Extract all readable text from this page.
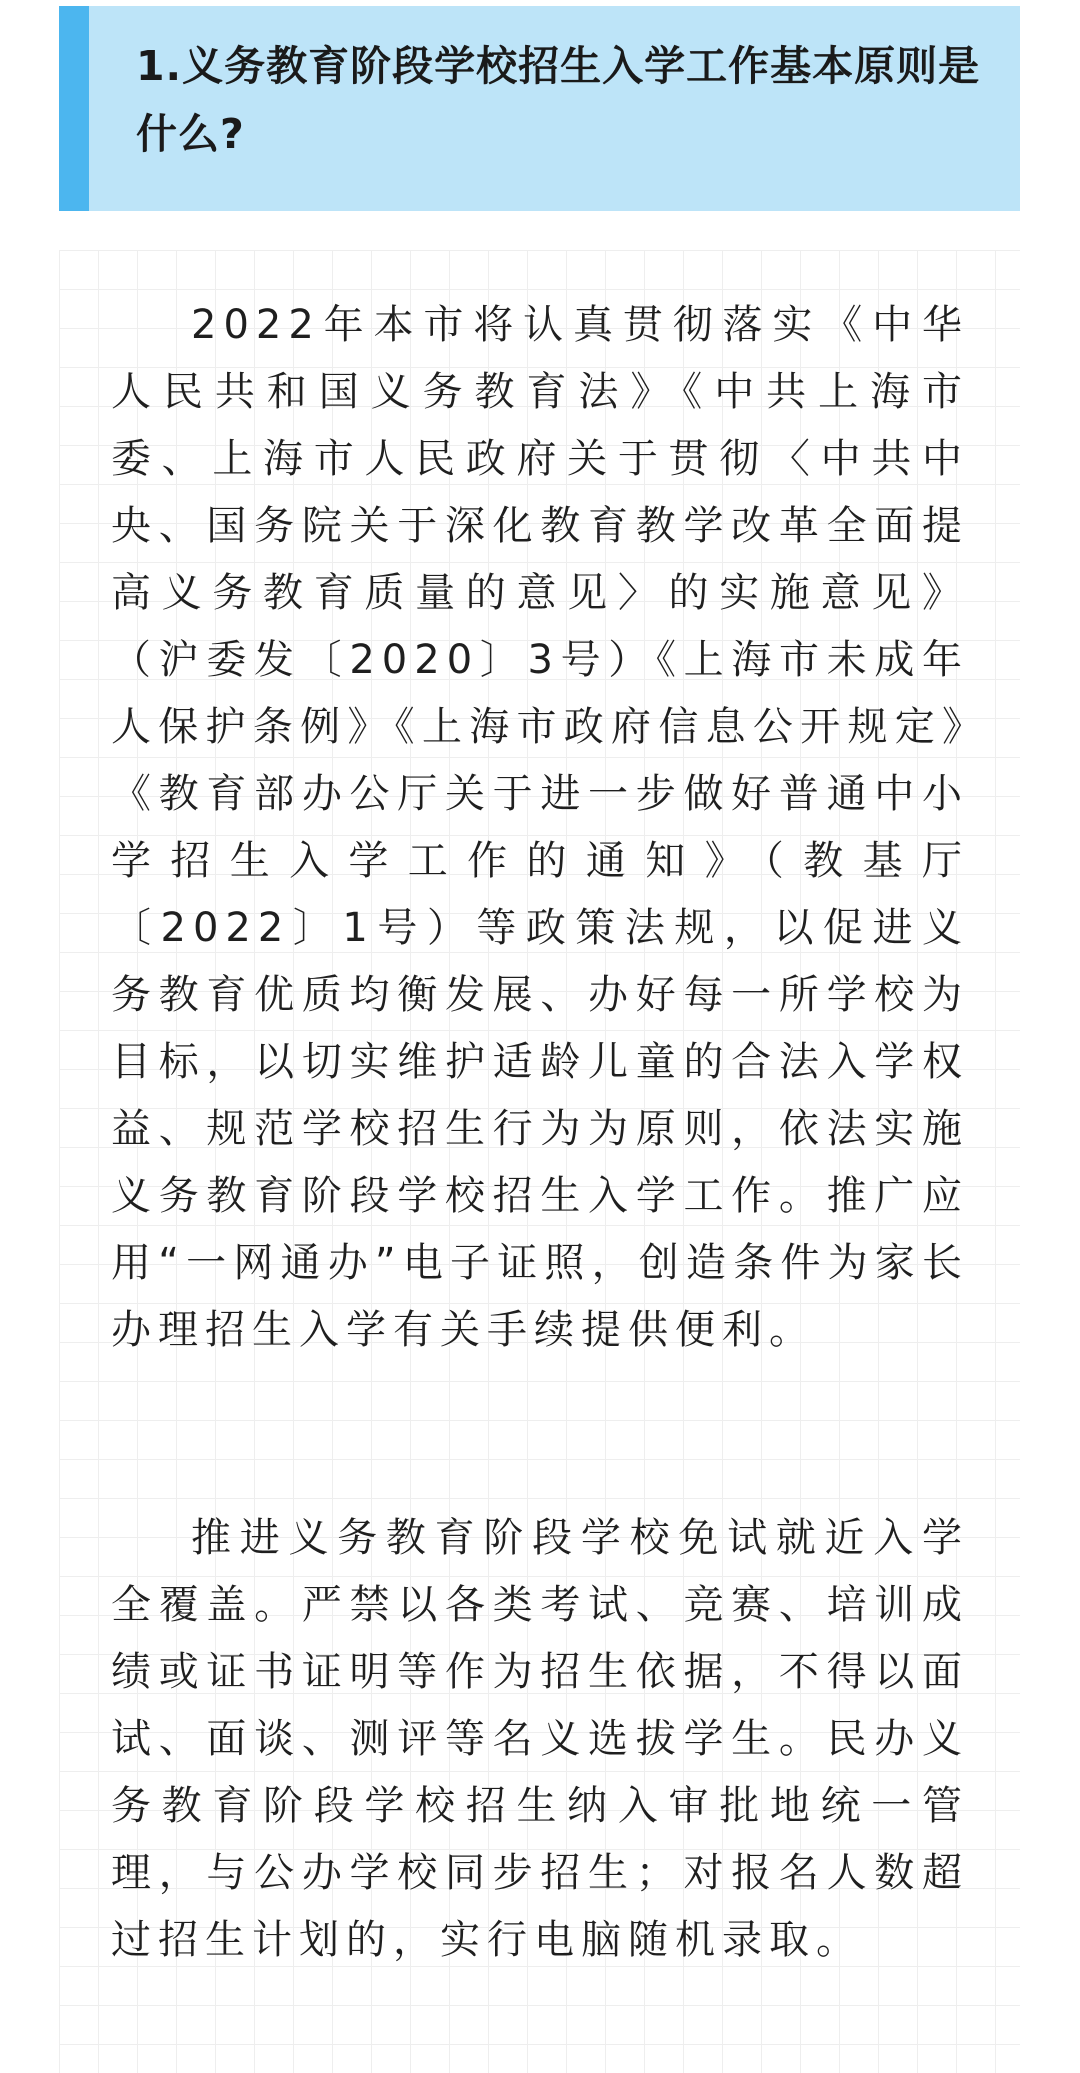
1.义务教育阶段学校招生入学工作基本原则是什么?

2022年本市将认真贯彻落实《中华人民共和国义务教育法》《中共上海市委、上海市人民政府关于贯彻〈中共中央、国务院关于深化教育教学改革全面提高义务教育质量的意见〉的实施意见》（沪委发〔2020〕3号）《上海市未成年人保护条例》《上海市政府信息公开规定》《教育部办公厅关于进一步做好普通中小学招生入学工作的通知》（教基厅〔2022〕1号）等政策法规，以促进义务教育优质均衡发展、办好每一所学校为目标，以切实维护适龄儿童的合法入学权益、规范学校招生行为为原则，依法实施义务教育阶段学校招生入学工作。推广应用“一网通办”电子证照，创造条件为家长办理招生入学有关手续提供便利。

推进义务教育阶段学校免试就近入学全覆盖。严禁以各类考试、竞赛、培训成绩或证书证明等作为招生依据，不得以面试、面谈、测评等名义选拔学生。民办义务教育阶段学校招生纳入审批地统一管理，与公办学校同步招生；对报名人数超过招生计划的，实行电脑随机录取。
